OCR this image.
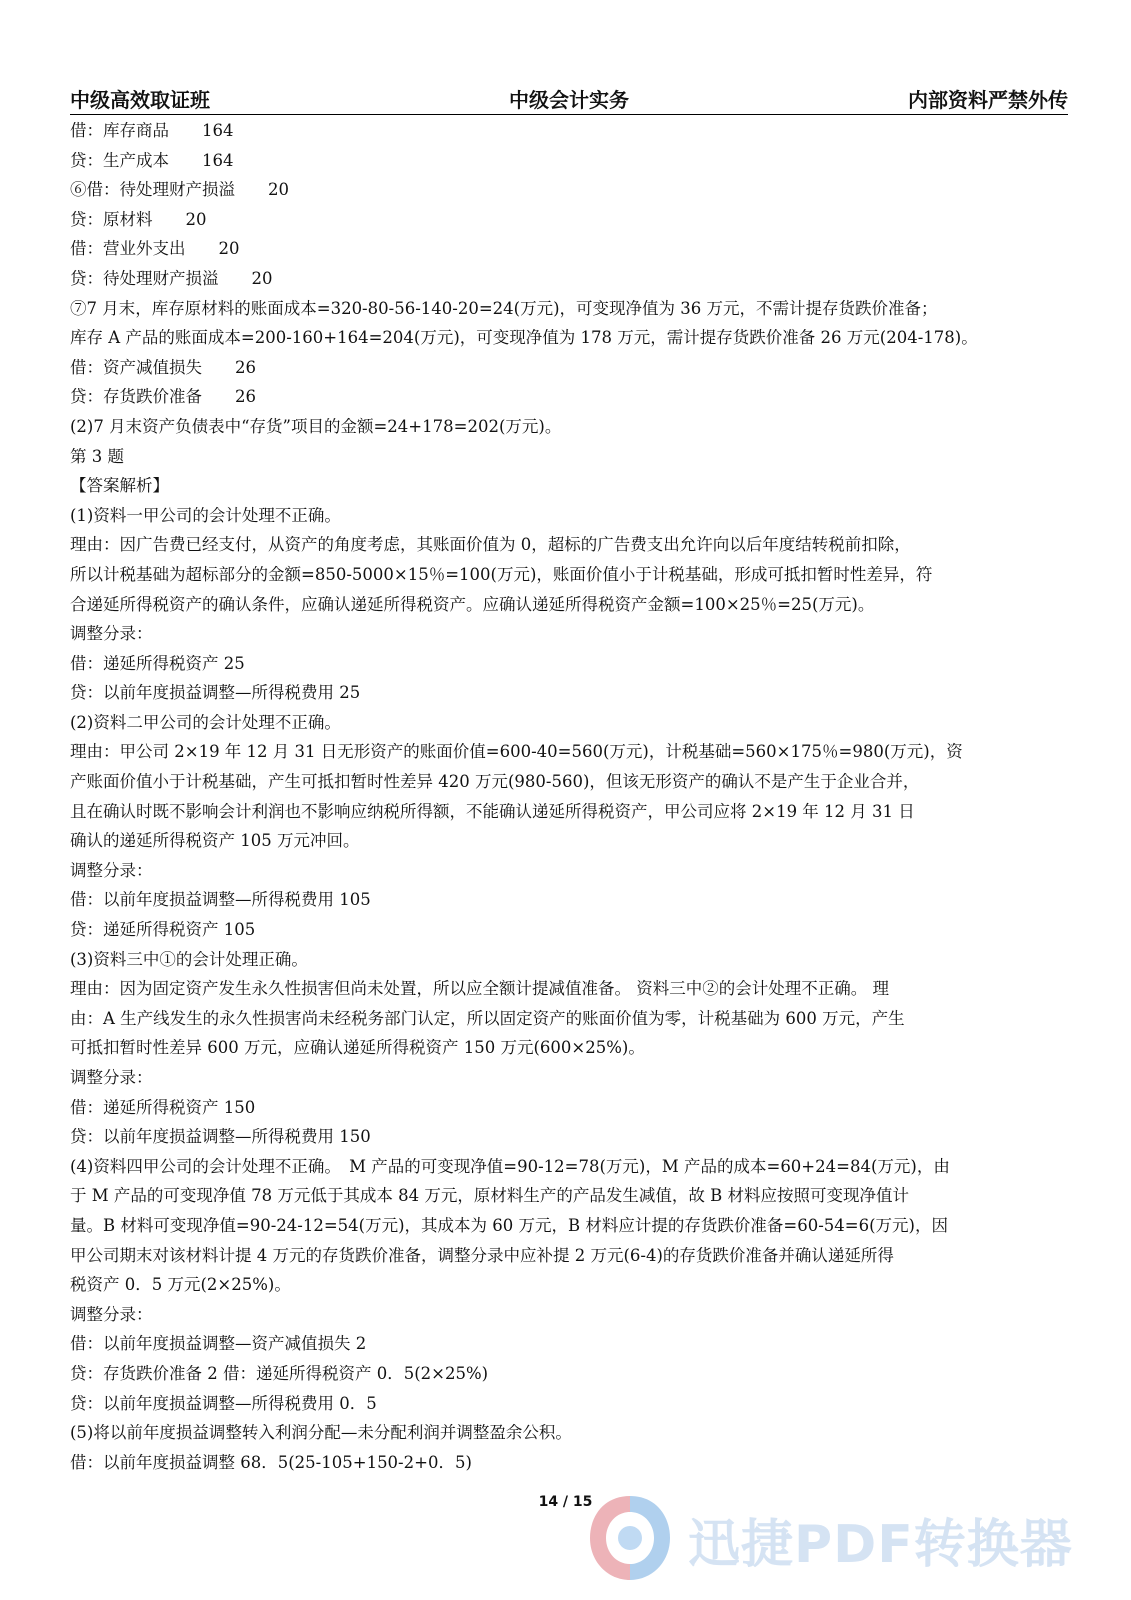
中级高效取证班	中级会计实务	内部资料严禁外传
借：库存商品　　164
贷：生产成本　　164
⑥借：待处理财产损溢　　20
贷：原材料　　20
借：营业外支出　　20
贷：待处理财产损溢　　20
⑦7 月末，库存原材料的账面成本=320-80-56-140-20=24(万元)，可变现净值为 36 万元，不需计提存货跌价准备；
库存 A 产品的账面成本=200-160+164=204(万元)，可变现净值为 178 万元，需计提存货跌价准备 26 万元(204-178)。
借：资产减值损失　　26
贷：存货跌价准备　　26
(2)7 月末资产负债表中“存货”项目的金额=24+178=202(万元)。
第 3 题
【答案解析】
(1)资料一甲公司的会计处理不正确。
理由：因广告费已经支付，从资产的角度考虑，其账面价值为 0，超标的广告费支出允许向以后年度结转税前扣除，
所以计税基础为超标部分的金额=850-5000×15％=100(万元)，账面价值小于计税基础，形成可抵扣暂时性差异，符
合递延所得税资产的确认条件，应确认递延所得税资产。应确认递延所得税资产金额=100×25％=25(万元)。
调整分录：
借：递延所得税资产 25
贷：以前年度损益调整—所得税费用 25
(2)资料二甲公司的会计处理不正确。
理由：甲公司 2×19 年 12 月 31 日无形资产的账面价值=600-40=560(万元)，计税基础=560×175％=980(万元)，资
产账面价值小于计税基础，产生可抵扣暂时性差异 420 万元(980-560)，但该无形资产的确认不是产生于企业合并，
且在确认时既不影响会计利润也不影响应纳税所得额，不能确认递延所得税资产，甲公司应将 2×19 年 12 月 31 日
确认的递延所得税资产 105 万元冲回。
调整分录：
借：以前年度损益调整—所得税费用 105
贷：递延所得税资产 105
(3)资料三中①的会计处理正确。
理由：因为固定资产发生永久性损害但尚未处置，所以应全额计提减值准备。 资料三中②的会计处理不正确。 理
由：A 生产线发生的永久性损害尚未经税务部门认定，所以固定资产的账面价值为零，计税基础为 600 万元，产生
可抵扣暂时性差异 600 万元，应确认递延所得税资产 150 万元(600×25%)。
调整分录：
借：递延所得税资产 150
贷：以前年度损益调整—所得税费用 150
(4)资料四甲公司的会计处理不正确。　M 产品的可变现净值=90-12=78(万元)，M 产品的成本=60+24=84(万元)，由
于 M 产品的可变现净值 78 万元低于其成本 84 万元，原材料生产的产品发生减值，故 B 材料应按照可变现净值计
量。B 材料可变现净值=90-24-12=54(万元)，其成本为 60 万元，B 材料应计提的存货跌价准备=60-54=6(万元)，因
甲公司期末对该材料计提 4 万元的存货跌价准备，调整分录中应补提 2 万元(6-4)的存货跌价准备并确认递延所得
税资产 0．5 万元(2×25%)。
调整分录：
借：以前年度损益调整—资产减值损失 2
贷：存货跌价准备 2 借：递延所得税资产 0．5(2×25%)
贷：以前年度损益调整—所得税费用 0．5
(5)将以前年度损益调整转入利润分配—未分配利润并调整盈余公积。
借：以前年度损益调整 68．5(25-105+150-2+0．5)
14 / 15
迅捷PDF转换器
